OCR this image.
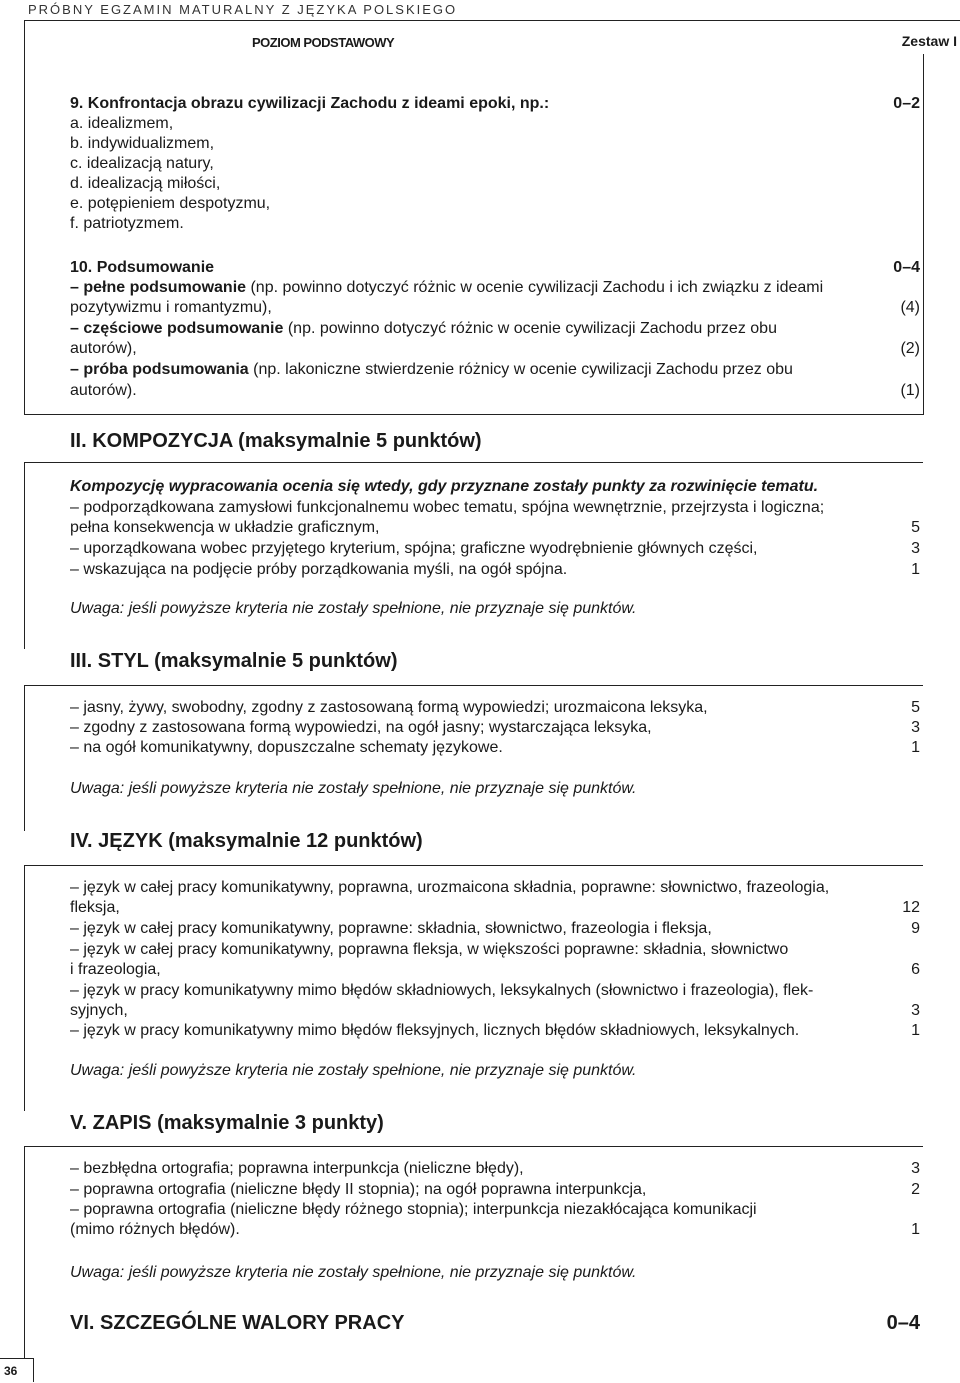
PRÓBNY EGZAMIN MATURALNY Z JĘZYKA POLSKIEGO
POZIOM PODSTAWOWY	Zestaw I
9. Konfrontacja obrazu cywilizacji Zachodu z ideami epoki, np.:	0–2
a. idealizmem,
b. indywidualizmem,
c. idealizacją natury,
d. idealizacją miłości,
e. potępieniem despotyzmu,
f. patriotyzmem.
10. Podsumowanie	0–4
– pełne podsumowanie (np. powinno dotyczyć różnic w ocenie cywilizacji Zachodu i ich związku z ideami
pozytywizmu i romantyzmu),	(4)
– częściowe podsumowanie (np. powinno dotyczyć różnic w ocenie cywilizacji Zachodu przez obu
autorów),	(2)
– próba podsumowania (np. lakoniczne stwierdzenie różnicy w ocenie cywilizacji Zachodu przez obu
autorów).	(1)
II. KOMPOZYCJA (maksymalnie 5 punktów)
Kompozycję wypracowania ocenia się wtedy, gdy przyznane zostały punkty za rozwinięcie tematu.
– podporządkowana zamysłowi funkcjonalnemu wobec tematu, spójna wewnętrznie, przejrzysta i logiczna;
pełna konsekwencja w układzie graficznym,	5
– uporządkowana wobec przyjętego kryterium, spójna; graficzne wyodrębnienie głównych części,	3
– wskazująca na podjęcie próby porządkowania myśli, na ogół spójna.	1
Uwaga: jeśli powyższe kryteria nie zostały spełnione, nie przyznaje się punktów.
III. STYL (maksymalnie 5 punktów)
– jasny, żywy, swobodny, zgodny z zastosowaną formą wypowiedzi; urozmaicona leksyka,	5
– zgodny z zastosowana formą wypowiedzi, na ogół jasny; wystarczająca leksyka,	3
– na ogół komunikatywny, dopuszczalne schematy językowe.	1
Uwaga: jeśli powyższe kryteria nie zostały spełnione, nie przyznaje się punktów.
IV. JĘZYK (maksymalnie 12 punktów)
– język w całej pracy komunikatywny, poprawna, urozmaicona składnia, poprawne: słownictwo, frazeologia,
fleksja,	12
– język w całej pracy komunikatywny, poprawne: składnia, słownictwo, frazeologia i fleksja,	9
– język w całej pracy komunikatywny, poprawna fleksja, w większości poprawne: składnia, słownictwo
i frazeologia,	6
– język w pracy komunikatywny mimo błędów składniowych, leksykalnych (słownictwo i frazeologia), flek-
syjnych,	3
– język w pracy komunikatywny mimo błędów fleksyjnych, licznych błędów składniowych, leksykalnych.	1
Uwaga: jeśli powyższe kryteria nie zostały spełnione, nie przyznaje się punktów.
V. ZAPIS (maksymalnie 3 punkty)
– bezbłędna ortografia; poprawna interpunkcja (nieliczne błędy),	3
– poprawna ortografia (nieliczne błędy II stopnia); na ogół poprawna interpunkcja,	2
– poprawna ortografia (nieliczne błędy różnego stopnia); interpunkcja niezakłócająca komunikacji
(mimo różnych błędów).	1
Uwaga: jeśli powyższe kryteria nie zostały spełnione, nie przyznaje się punktów.
VI. SZCZEGÓLNE WALORY PRACY	0–4
36
